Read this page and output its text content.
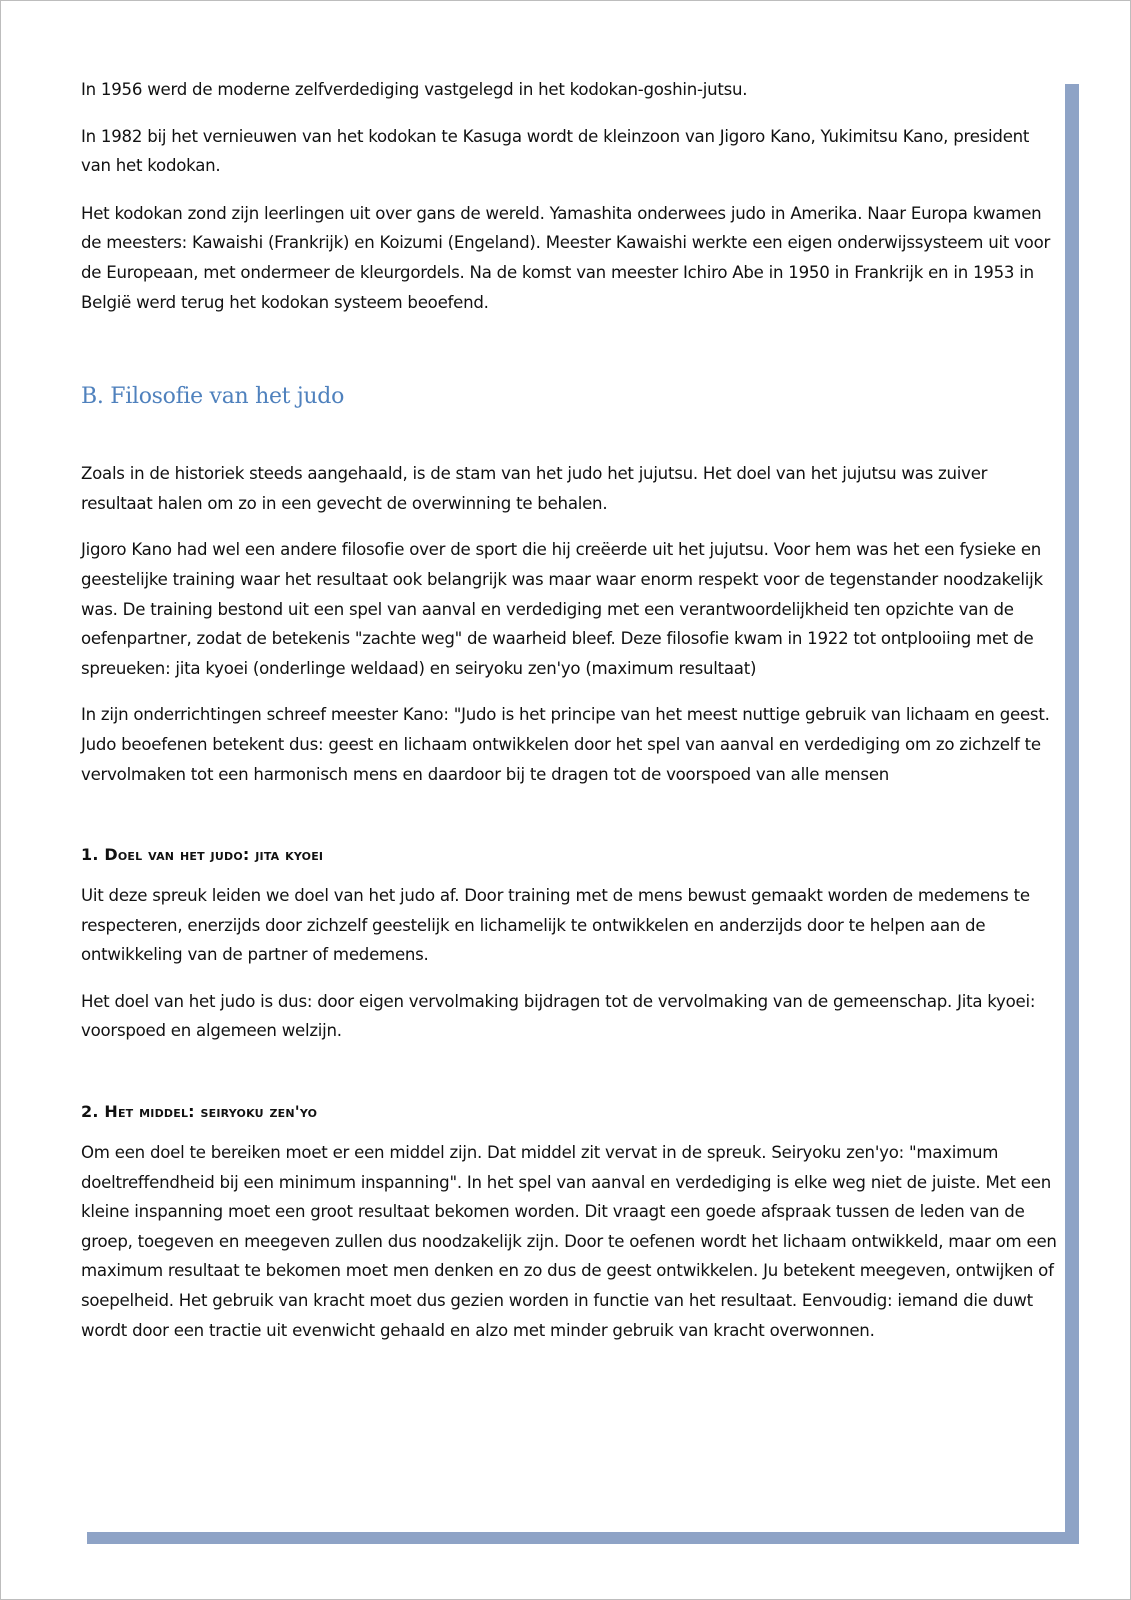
In 1956 werd de moderne zelfverdediging vastgelegd in het kodokan-goshin-jutsu.

In 1982 bij het vernieuwen van het kodokan te Kasuga wordt de kleinzoon van Jigoro Kano, Yukimitsu Kano, president van het kodokan.

Het kodokan zond zijn leerlingen uit over gans de wereld. Yamashita onderwees judo in Amerika. Naar Europa kwamen de meesters: Kawaishi (Frankrijk) en Koizumi (Engeland). Meester Kawaishi werkte een eigen onderwijssysteem uit voor de Europeaan, met ondermeer de kleurgordels. Na de komst van meester Ichiro Abe in 1950 in Frankrijk en in 1953 in België werd terug het kodokan systeem beoefend.

B. Filosofie van het judo

Zoals in de historiek steeds aangehaald, is de stam van het judo het jujutsu. Het doel van het jujutsu was zuiver resultaat halen om zo in een gevecht de overwinning te behalen.

Jigoro Kano had wel een andere filosofie over de sport die hij creëerde uit het jujutsu. Voor hem was het een fysieke en geestelijke training waar het resultaat ook belangrijk was maar waar enorm respekt voor de tegenstander noodzakelijk was. De training bestond uit een spel van aanval en verdediging met een verantwoordelijkheid ten opzichte van de oefenpartner, zodat de betekenis "zachte weg" de waarheid bleef. Deze filosofie kwam in 1922 tot ontplooiing met de spreueken: jita kyoei (onderlinge weldaad) en seiryoku zen'yo (maximum resultaat)

In zijn onderrichtingen schreef meester Kano: "Judo is het principe van het meest nuttige gebruik van lichaam en geest. Judo beoefenen betekent dus: geest en lichaam ontwikkelen door het spel van aanval en verdediging om zo zichzelf te vervolmaken tot een harmonisch mens en daardoor bij te dragen tot de voorspoed van alle mensen

1. Doel van het judo: jita kyoei

Uit deze spreuk leiden we doel van het judo af. Door training met de mens bewust gemaakt worden de medemens te respecteren, enerzijds door zichzelf geestelijk en lichamelijk te ontwikkelen en anderzijds door te helpen aan de ontwikkeling van de partner of medemens.

Het doel van het judo is dus: door eigen vervolmaking bijdragen tot de vervolmaking van de gemeenschap. Jita kyoei: voorspoed en algemeen welzijn.

2. Het middel: seiryoku zen'yo

Om een doel te bereiken moet er een middel zijn. Dat middel zit vervat in de spreuk. Seiryoku zen'yo: "maximum doeltreffendheid bij een minimum inspanning". In het spel van aanval en verdediging is elke weg niet de juiste. Met een kleine inspanning moet een groot resultaat bekomen worden. Dit vraagt een goede afspraak tussen de leden van de groep, toegeven en meegeven zullen dus noodzakelijk zijn. Door te oefenen wordt het lichaam ontwikkeld, maar om een maximum resultaat te bekomen moet men denken en zo dus de geest ontwikkelen. Ju betekent meegeven, ontwijken of soepelheid. Het gebruik van kracht moet dus gezien worden in functie van het resultaat. Eenvoudig: iemand die duwt wordt door een tractie uit evenwicht gehaald en alzo met minder gebruik van kracht overwonnen.
